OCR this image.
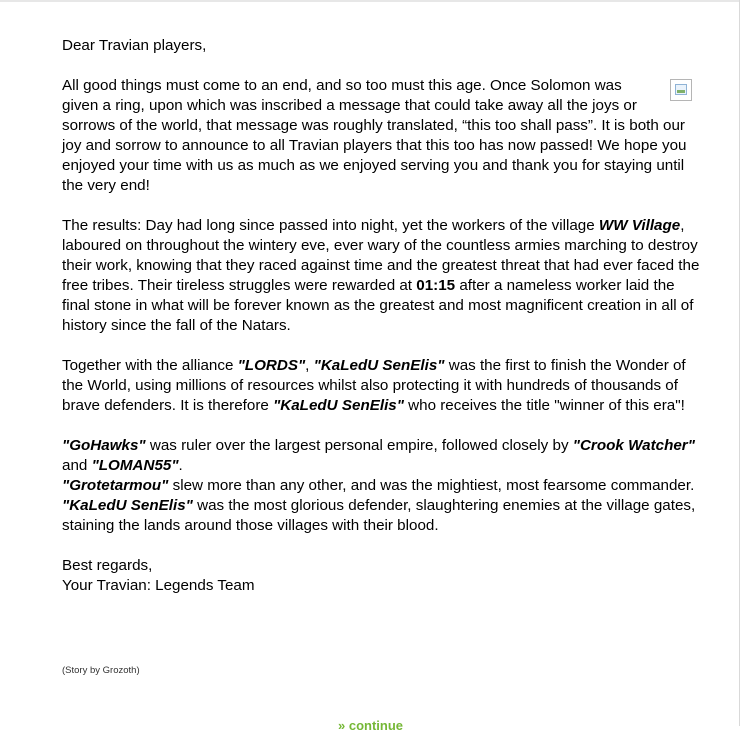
Dear Travian players,

All good things must come to an end, and so too must this age. Once Solomon was given a ring, upon which was inscribed a message that could take away all the joys or sorrows of the world, that message was roughly translated, “this too shall pass”. It is both our joy and sorrow to announce to all Travian players that this too has now passed! We hope you enjoyed your time with us as much as we enjoyed serving you and thank you for staying until the very end!

The results: Day had long since passed into night, yet the workers of the village WW Village, laboured on throughout the wintery eve, ever wary of the countless armies marching to destroy their work, knowing that they raced against time and the greatest threat that had ever faced the free tribes. Their tireless struggles were rewarded at 01:15 after a nameless worker laid the final stone in what will be forever known as the greatest and most magnificent creation in all of history since the fall of the Natars.

Together with the alliance "LORDS", "KaLedU SenElis" was the first to finish the Wonder of the World, using millions of resources whilst also protecting it with hundreds of thousands of brave defenders. It is therefore "KaLedU SenElis" who receives the title "winner of this era"!

"GoHawks" was ruler over the largest personal empire, followed closely by "Crook Watcher" and "LOMAN55".
"Grotetarmou" slew more than any other, and was the mightiest, most fearsome commander.
"KaLedU SenElis" was the most glorious defender, slaughtering enemies at the village gates, staining the lands around those villages with their blood.

Best regards,

Your Travian: Legends Team

(Story by Grozoth)
» continue
